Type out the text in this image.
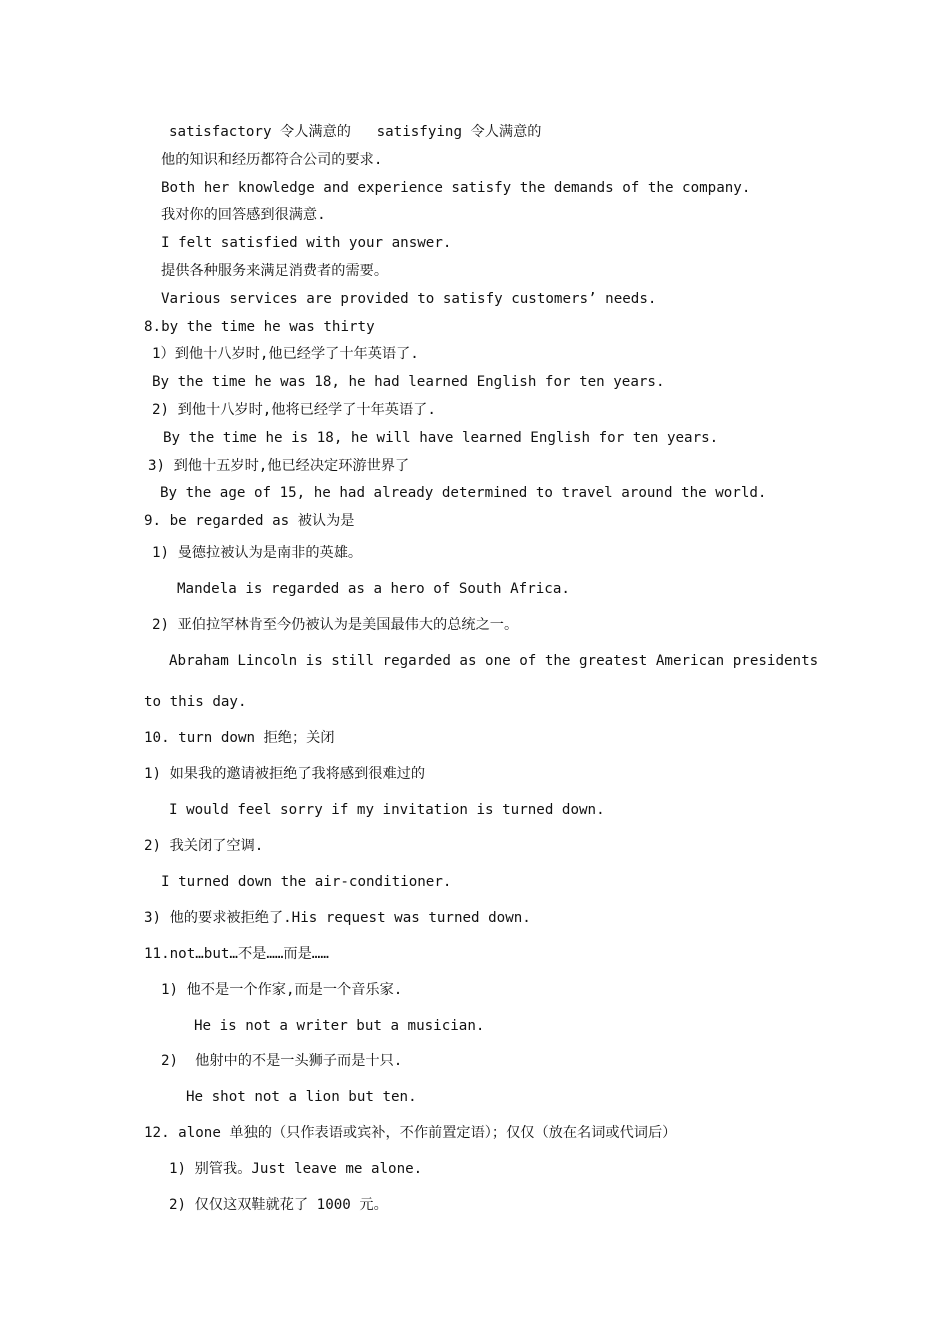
satisfactory 令人满意的   satisfying 令人满意的
他的知识和经历都符合公司的要求.
Both her knowledge and experience satisfy the demands of the company.
我对你的回答感到很满意.
I felt satisfied with your answer.
提供各种服务来满足消费者的需要。
Various services are provided to satisfy customers’ needs.
8.by the time he was thirty
1）到他十八岁时,他已经学了十年英语了.
By the time he was 18, he had learned English for ten years.
2) 到他十八岁时,他将已经学了十年英语了.
By the time he is 18, he will have learned English for ten years.
3) 到他十五岁时,他已经决定环游世界了
By the age of 15, he had already determined to travel around the world.
9. be regarded as 被认为是
1) 曼德拉被认为是南非的英雄。
Mandela is regarded as a hero of South Africa.
2) 亚伯拉罕林肯至今仍被认为是美国最伟大的总统之一。
Abraham Lincoln is still regarded as one of the greatest American presidents
to this day.
10. turn down 拒绝；关闭
1) 如果我的邀请被拒绝了我将感到很难过的
I would feel sorry if my invitation is turned down.
2) 我关闭了空调.
I turned down the air-conditioner.
3) 他的要求被拒绝了.His request was turned down.
11.not…but…不是……而是……
1) 他不是一个作家,而是一个音乐家.
He is not a writer but a musician.
2)  他射中的不是一头狮子而是十只.
He shot not a lion but ten.
12. alone 单独的（只作表语或宾补，不作前置定语）；仅仅（放在名词或代词后）
1) 别管我。Just leave me alone.
2) 仅仅这双鞋就花了 1000 元。
